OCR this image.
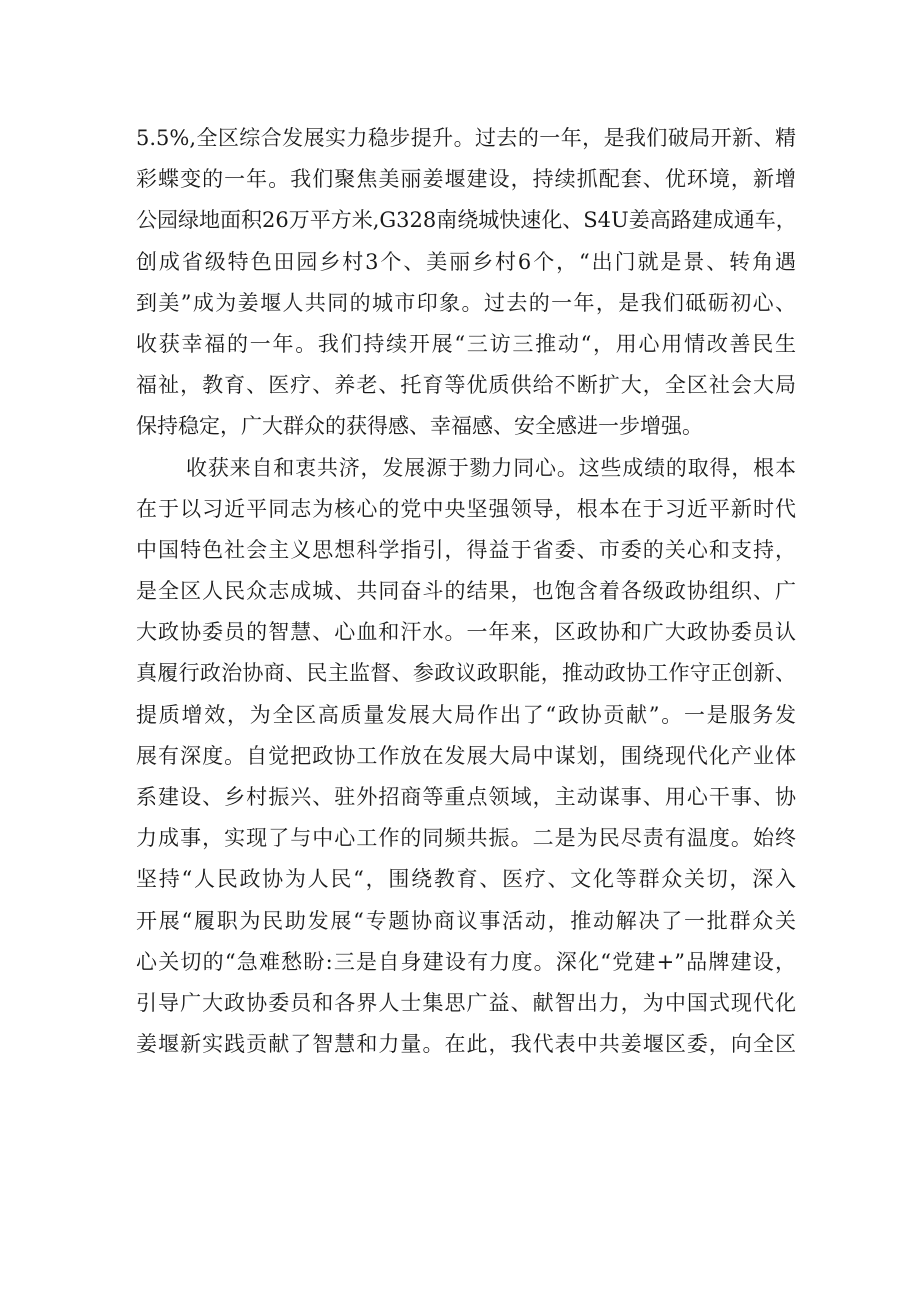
5.5%,全区综合发展实力稳步提升。过去的一年，是我们破局开新、精
彩蝶变的一年。我们聚焦美丽姜堰建设，持续抓配套、优环境，新增
公园绿地面积26万平方米,G328南绕城快速化、S4U姜高路建成通车，
创成省级特色田园乡村3个、美丽乡村6个，“出门就是景、转角遇
到美”成为姜堰人共同的城市印象。过去的一年，是我们砥砺初心、
收获幸福的一年。我们持续开展“三访三推动“，用心用情改善民生
福祉，教育、医疗、养老、托育等优质供给不断扩大，全区社会大局
保持稳定，广大群众的获得感、幸福感、安全感进一步增强。
收获来自和衷共济，发展源于勠力同心。这些成绩的取得，根本
在于以习近平同志为核心的党中央坚强领导，根本在于习近平新时代
中国特色社会主义思想科学指引，得益于省委、市委的关心和支持，
是全区人民众志成城、共同奋斗的结果，也饱含着各级政协组织、广
大政协委员的智慧、心血和汗水。一年来，区政协和广大政协委员认
真履行政治协商、民主监督、参政议政职能，推动政协工作守正创新、
提质增效，为全区高质量发展大局作出了“政协贡献”。一是服务发
展有深度。自觉把政协工作放在发展大局中谋划，围绕现代化产业体
系建设、乡村振兴、驻外招商等重点领域，主动谋事、用心干事、协
力成事，实现了与中心工作的同频共振。二是为民尽责有温度。始终
坚持“人民政协为人民“，围绕教育、医疗、文化等群众关切，深入
开展“履职为民助发展“专题协商议事活动，推动解决了一批群众关
心关切的“急难愁盼:三是自身建设有力度。深化“党建+”品牌建设，
引导广大政协委员和各界人士集思广益、献智出力，为中国式现代化
姜堰新实践贡献了智慧和力量。在此，我代表中共姜堰区委，向全区
